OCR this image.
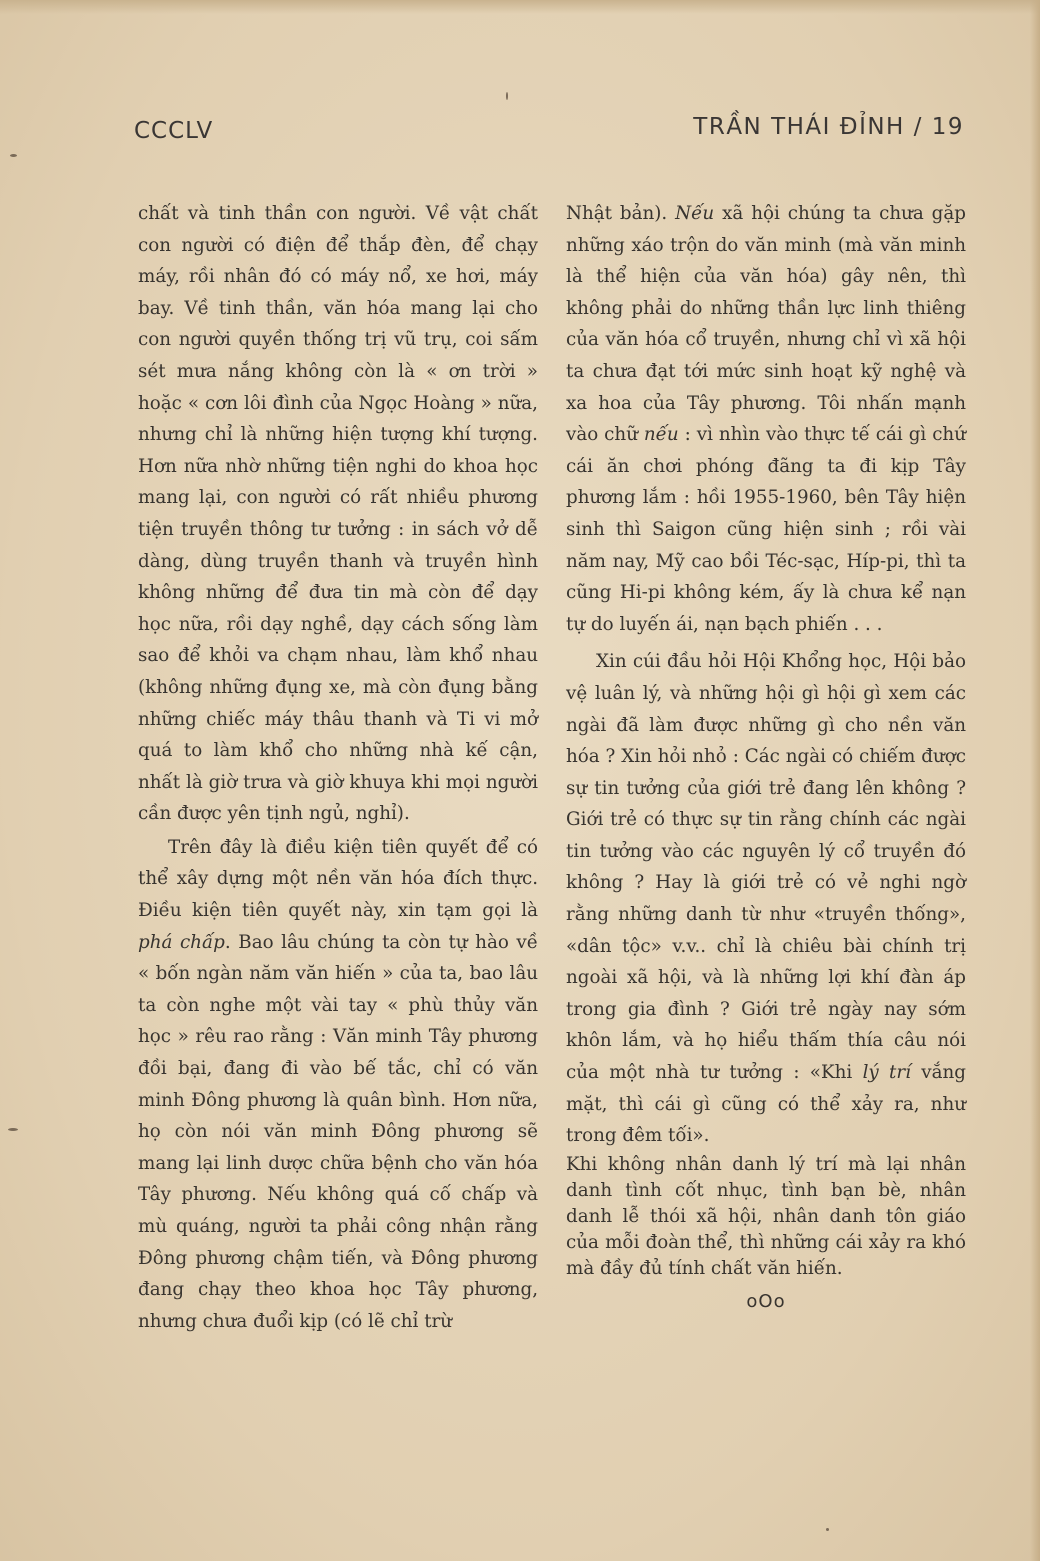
CCCLV	TRẦN THÁI ĐỈNH / 19

chất và tinh thần con người. Về vật chất con người có điện để thắp đèn, để chạy máy, rồi nhân đó có máy nổ, xe hơi, máy bay. Về tinh thần, văn hóa mang lại cho con người quyền thống trị vũ trụ, coi sấm sét mưa nắng không còn là « ơn trời » hoặc « cơn lôi đình của Ngọc Hoàng » nữa, nhưng chỉ là những hiện tượng khí tượng. Hơn nữa nhờ những tiện nghi do khoa học mang lại, con người có rất nhiều phương tiện truyền thông tư tưởng : in sách vở dễ dàng, dùng truyền thanh và truyền hình không những để đưa tin mà còn để dạy học nữa, rồi dạy nghề, dạy cách sống làm sao để khỏi va chạm nhau, làm khổ nhau (không những đụng xe, mà còn đụng bằng những chiếc máy thâu thanh và Ti vi mở quá to làm khổ cho những nhà kế cận, nhất là giờ trưa và giờ khuya khi mọi người cần được yên tịnh ngủ, nghỉ).

Trên đây là điều kiện tiên quyết để có thể xây dựng một nền văn hóa đích thực. Điều kiện tiên quyết này, xin tạm gọi là phá chấp. Bao lâu chúng ta còn tự hào về « bốn ngàn năm văn hiến » của ta, bao lâu ta còn nghe một vài tay « phù thủy văn học » rêu rao rằng : Văn minh Tây phương đồi bại, đang đi vào bế tắc, chỉ có văn minh Đông phương là quân bình. Hơn nữa, họ còn nói văn minh Đông phương sẽ mang lại linh dược chữa bệnh cho văn hóa Tây phương. Nếu không quá cố chấp và mù quáng, người ta phải công nhận rằng Đông phương chậm tiến, và Đông phương đang chạy theo khoa học Tây phương, nhưng chưa đuổi kịp (có lẽ chỉ trừ

Nhật bản). Nếu xã hội chúng ta chưa gặp những xáo trộn do văn minh (mà văn minh là thể hiện của văn hóa) gây nên, thì không phải do những thần lực linh thiêng của văn hóa cổ truyền, nhưng chỉ vì xã hội ta chưa đạt tới mức sinh hoạt kỹ nghệ và xa hoa của Tây phương. Tôi nhấn mạnh vào chữ nếu : vì nhìn vào thực tế cái gì chứ cái ăn chơi phóng đãng ta đi kịp Tây phương lắm : hồi 1955-1960, bên Tây hiện sinh thì Saigon cũng hiện sinh ; rồi vài năm nay, Mỹ cao bồi Téc-sạc, Híp-pi, thì ta cũng Hi-pi không kém, ấy là chưa kể nạn tự do luyến ái, nạn bạch phiến . . .

Xin cúi đầu hỏi Hội Khổng học, Hội bảo vệ luân lý, và những hội gì hội gì xem các ngài đã làm được những gì cho nền văn hóa ? Xin hỏi nhỏ : Các ngài có chiếm được sự tin tưởng của giới trẻ đang lên không ? Giới trẻ có thực sự tin rằng chính các ngài tin tưởng vào các nguyên lý cổ truyền đó không ? Hay là giới trẻ có vẻ nghi ngờ rằng những danh từ như «truyền thống», «dân tộc» v.v.. chỉ là chiêu bài chính trị ngoài xã hội, và là những lợi khí đàn áp trong gia đình ? Giới trẻ ngày nay sớm khôn lắm, và họ hiểu thấm thía câu nói của một nhà tư tưởng : «Khi lý trí vắng mặt, thì cái gì cũng có thể xảy ra, như trong đêm tối».

Khi không nhân danh lý trí mà lại nhân danh tình cốt nhục, tình bạn bè, nhân danh lễ thói xã hội, nhân danh tôn giáo của mỗi đoàn thể, thì những cái xảy ra khó mà đầy đủ tính chất văn hiến.

oOo
